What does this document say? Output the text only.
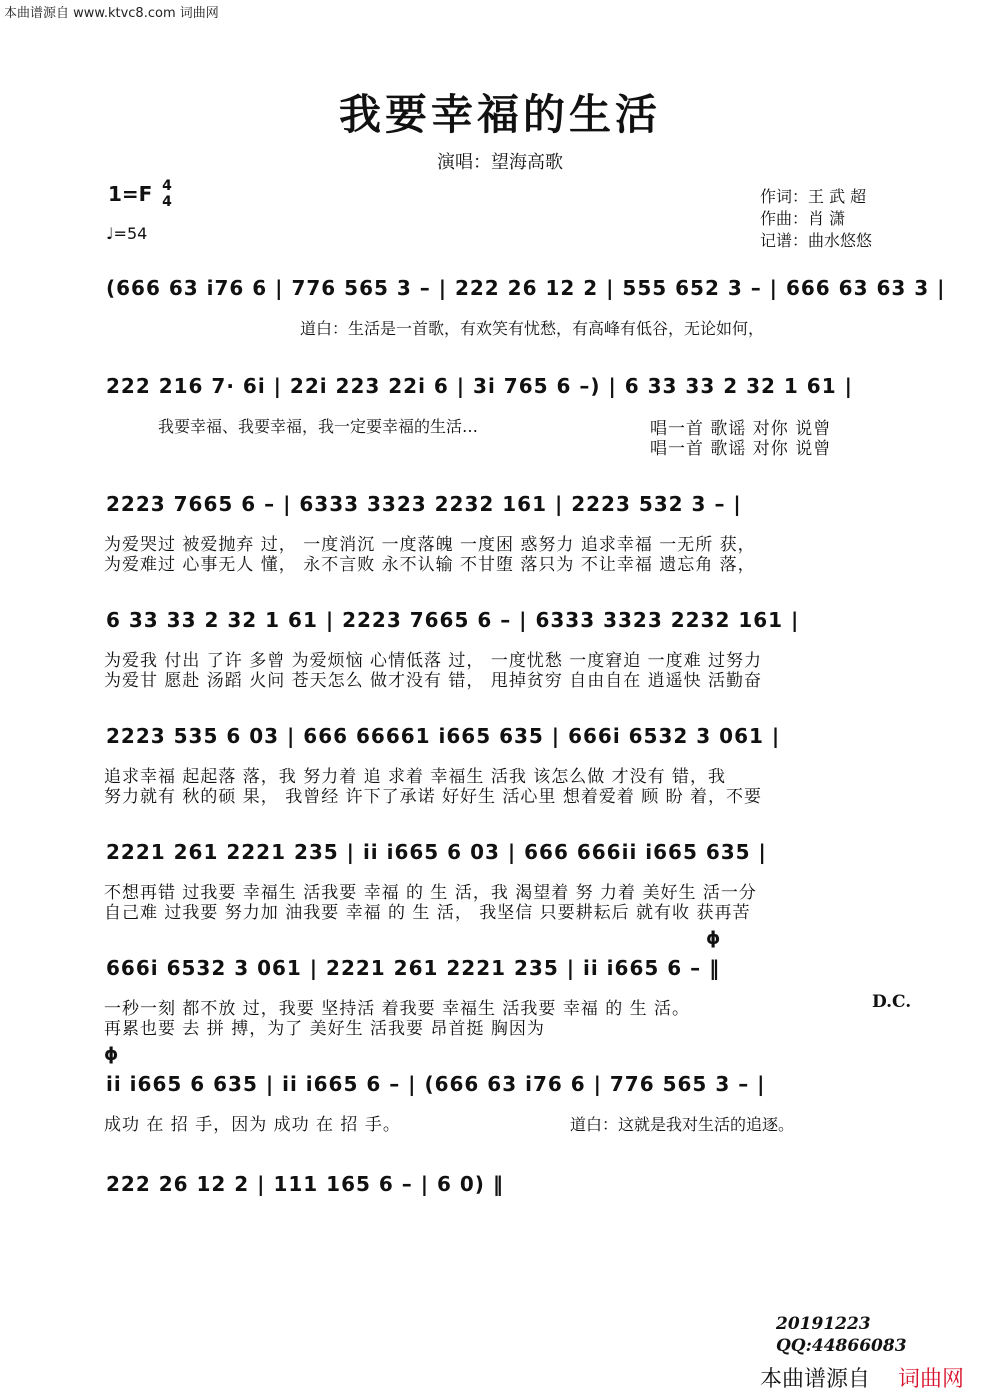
本曲谱源自 www.ktvc8.com 词曲网
我要幸福的生活
演唱：望海高歌
1=F 4
4
♩=54
作词：王 武 超
作曲：肖 潇
记谱：曲水悠悠
(666 63 i76 6 | 776 565 3 – | 222 26 12 2 | 555 652 3 – | 666 63 63 3 |
道白：生活是一首歌，有欢笑有忧愁，有高峰有低谷，无论如何，
222 216 7· 6i | 22i 223 22i 6 | 3i 765 6 –) | 6 33 33 2 32 1 61 |
我要幸福、我要幸福，我一定要幸福的生活…	唱一首 歌谣 对你 说曾
唱一首 歌谣 对你 说曾
2223 7665 6 – | 6333 3323 2232 161 | 2223 532 3 – |
为爱哭过 被爱抛弃 过， 一度消沉 一度落魄 一度困 惑努力 追求幸福 一无所 获，
为爱难过 心事无人 懂， 永不言败 永不认输 不甘堕 落只为 不让幸福 遗忘角 落，
6 33 33 2 32 1 61 | 2223 7665 6 – | 6333 3323 2232 161 |
为爱我 付出 了许 多曾 为爱烦恼 心情低落 过， 一度忧愁 一度窘迫 一度难 过努力
为爱甘 愿赴 汤蹈 火问 苍天怎么 做才没有 错， 甩掉贫穷 自由自在 逍遥快 活勤奋
2223 535 6 03 | 666 66661 i665 635 | 666i 6532 3 061 |
追求幸福 起起落 落，我 努力着 追 求着 幸福生 活我 该怎么做 才没有 错，我
努力就有 秋的硕 果， 我曾经 许下了承诺 好好生 活心里 想着爱着 顾 盼 着，不要
2221 261 2221 235 | ii i665 6 03 | 666 666ii i665 635 |
不想再错 过我要 幸福生 活我要 幸福 的 生 活，我 渴望着 努 力着 美好生 活一分
自己难 过我要 努力加 油我要 幸福 的 生 活， 我坚信 只要耕耘后 就有收 获再苦
ɸ
666i 6532 3 061 | 2221 261 2221 235 | ii i665 6 – ‖
一秒一刻 都不放 过，我要 坚持活 着我要 幸福生 活我要 幸福 的 生 活。	D.C.
再累也要 去 拼 搏，为了 美好生 活我要 昂首挺 胸因为
ɸ
ii i665 6 635 | ii i665 6 – | (666 63 i76 6 | 776 565 3 – |
成功 在 招 手，因为 成功 在 招 手。	道白：这就是我对生活的追逐。
222 26 12 2 | 111 165 6 – | 6 0) ‖
20191223
QQ:44866083
本曲谱源自 词曲网
